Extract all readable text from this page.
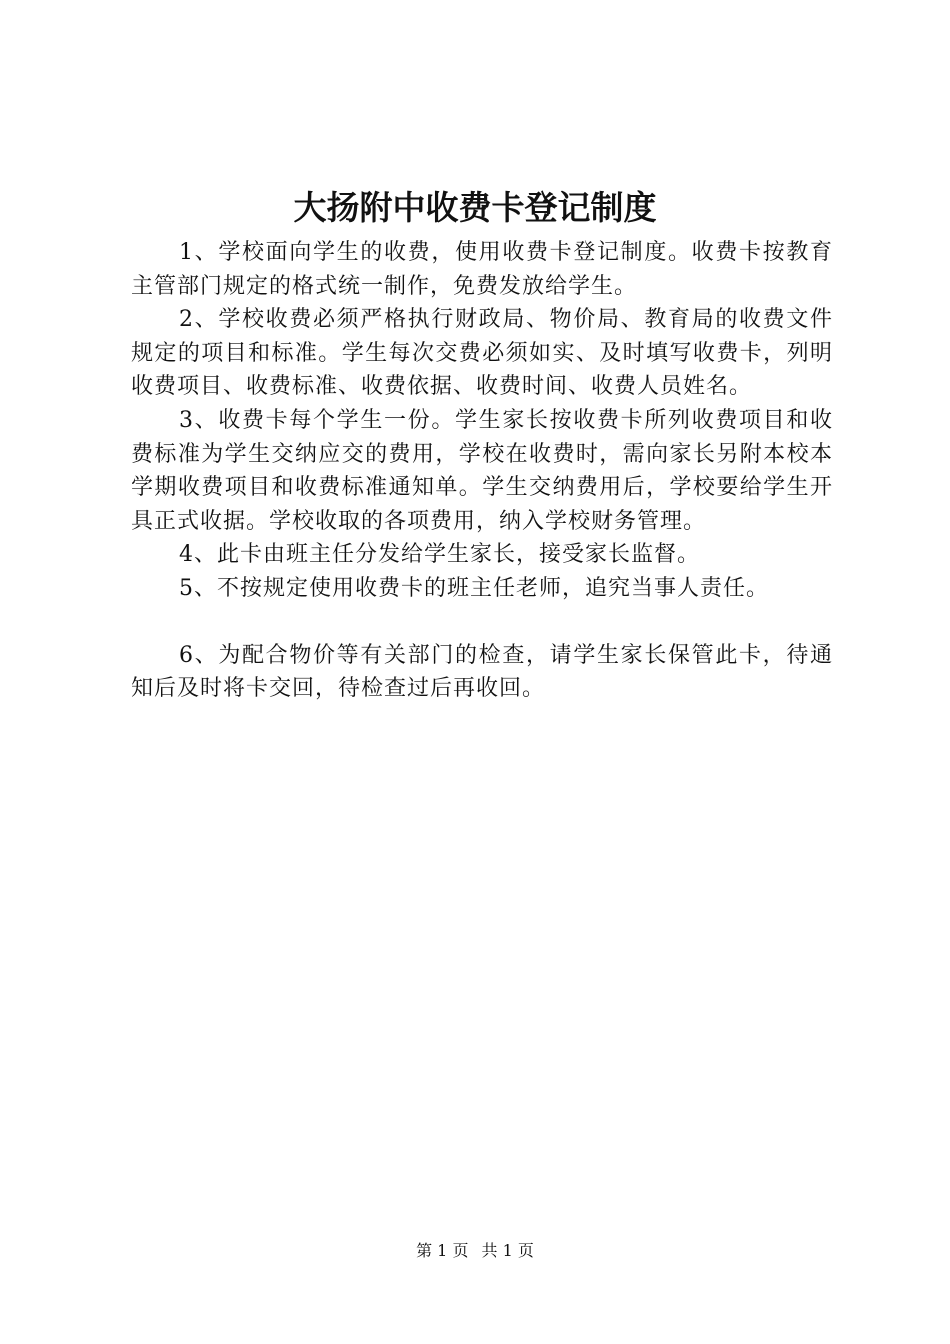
大扬附中收费卡登记制度

1、学校面向学生的收费，使用收费卡登记制度。收费卡按教育主管部门规定的格式统一制作，免费发放给学生。

2、学校收费必须严格执行财政局、物价局、教育局的收费文件规定的项目和标准。学生每次交费必须如实、及时填写收费卡，列明收费项目、收费标准、收费依据、收费时间、收费人员姓名。

3、收费卡每个学生一份。学生家长按收费卡所列收费项目和收费标准为学生交纳应交的费用，学校在收费时，需向家长另附本校本学期收费项目和收费标准通知单。学生交纳费用后，学校要给学生开具正式收据。学校收取的各项费用，纳入学校财务管理。

4、此卡由班主任分发给学生家长，接受家长监督。

5、不按规定使用收费卡的班主任老师，追究当事人责任。

6、为配合物价等有关部门的检查，请学生家长保管此卡，待通知后及时将卡交回，待检查过后再收回。

第 1 页 共 1 页
